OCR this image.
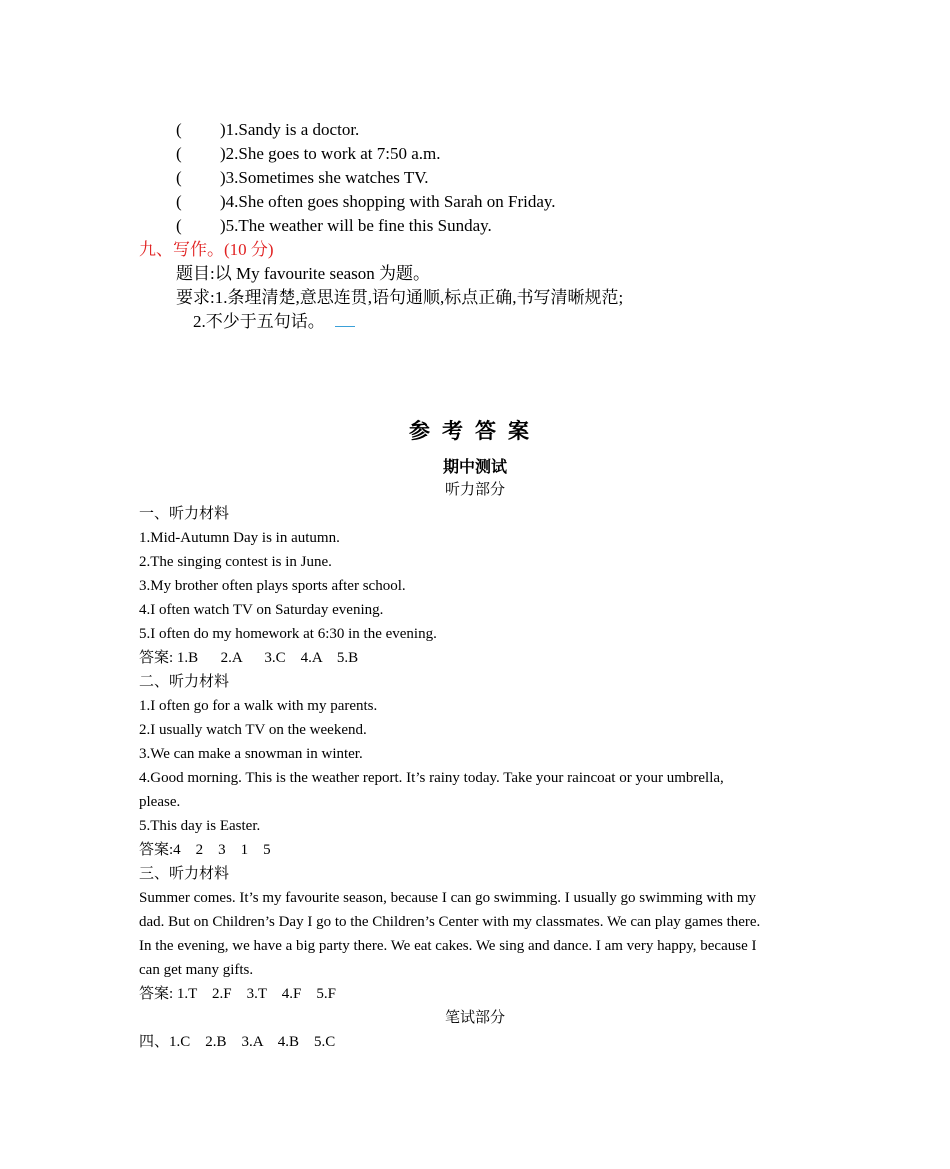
( )1.Sandy is a doctor.
( )2.She goes to work at 7:50 a.m.
( )3.Sometimes she watches TV.
( )4.She often goes shopping with Sarah on Friday.
( )5.The weather will be fine this Sunday.
九、写作。(10 分)
题目:以 My favourite season 为题。
要求:1.条理清楚,意思连贯,语句通顺,标点正确,书写清晰规范;
2.不少于五句话。
参考答案
期中测试
听力部分
一、听力材料
1.Mid-Autumn Day is in autumn.
2.The singing contest is in June.
3.My brother often plays sports after school.
4.I often watch TV on Saturday evening.
5.I often do my homework at 6:30 in the evening.
答案: 1.B      2.A      3.C    4.A    5.B
二、听力材料
1.I often go for a walk with my parents.
2.I usually watch TV on the weekend.
3.We can make a snowman in winter.
4.Good morning. This is the weather report. It’s rainy today. Take your raincoat or your umbrella,
please.
5.This day is Easter.
答案:4    2    3    1    5
三、听力材料
Summer comes. It’s my favourite season, because I can go swimming. I usually go swimming with my
dad. But on Children’s Day I go to the Children’s Center with my classmates. We can play games there.
In the evening, we have a big party there. We eat cakes. We sing and dance. I am very happy, because I
can get many gifts.
答案: 1.T    2.F    3.T    4.F    5.F
笔试部分
四、1.C    2.B    3.A    4.B    5.C
